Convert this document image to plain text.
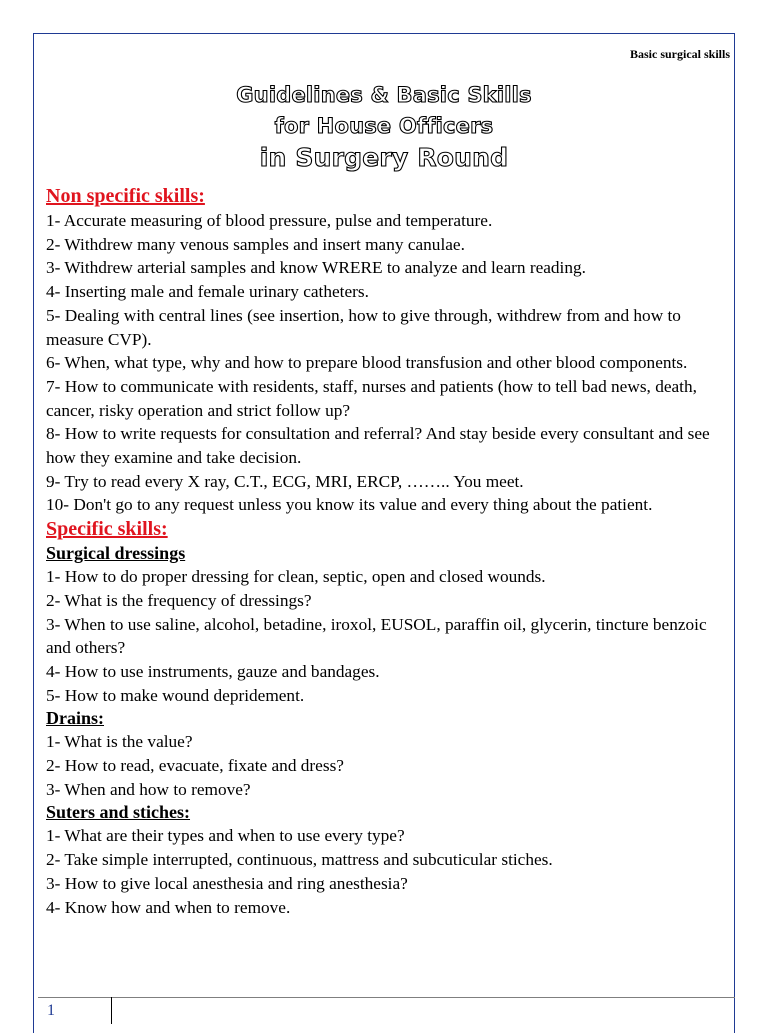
Basic surgical skills
Guidelines & Basic Skills
for House Officers
in Surgery Round

Non specific skills:

1- Accurate measuring of blood pressure, pulse and temperature.

2- Withdrew many venous samples and insert many canulae.

3- Withdrew arterial samples and know WRERE to analyze and learn reading.

4- Inserting male and female urinary catheters.

5- Dealing with central lines (see insertion, how to give through, withdrew from and how to measure CVP).

6- When, what type, why and how to prepare blood transfusion and other blood components.

7- How to communicate with residents, staff, nurses and patients (how to tell bad news, death, cancer, risky operation and strict follow up?

8- How to write requests for consultation and referral? And stay beside every consultant and see how they examine and take decision.

9- Try to read every X ray, C.T., ECG, MRI, ERCP, …….. You meet.

10- Don't go to any request unless you know its value and every thing about the patient.

Specific skills:

Surgical dressings

1- How to do proper dressing for clean, septic, open and closed wounds.

2- What is the frequency of dressings?

3- When to use saline, alcohol, betadine, iroxol, EUSOL, paraffin oil, glycerin, tincture benzoic and others?

4- How to use instruments, gauze and bandages.

5- How to make wound depridement.

Drains:

1- What is the value?

2- How to read, evacuate, fixate and dress?

3- When and how to remove?

Suters and stiches:

1- What are their types and when to use every type?

2- Take simple interrupted, continuous, mattress and subcuticular stiches.

3- How to give local anesthesia and ring anesthesia?

4- Know how and when to remove.

1
